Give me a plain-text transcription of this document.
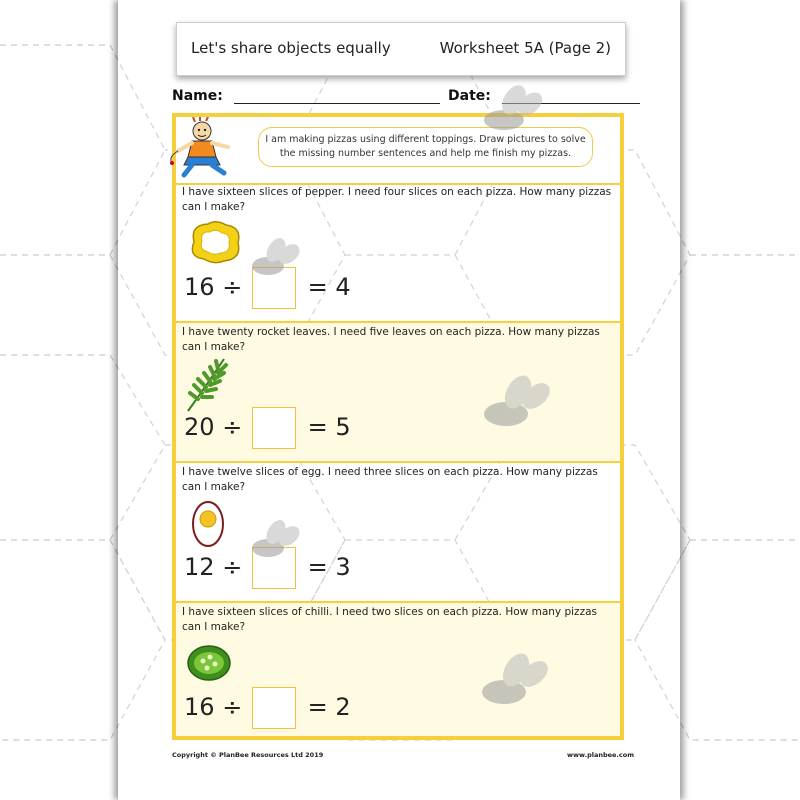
Let's share objects equally	Worksheet 5A (Page 2)
Name:	Date:
I am making pizzas using different toppings. Draw pictures to solve the missing number sentences and help me finish my pizzas.
I have sixteen slices of pepper. I need four slices on each pizza. How many pizzas can I make?
16 ÷	= 4
I have twenty rocket leaves. I need five leaves on each pizza. How many pizzas can I make?
20 ÷	= 5
I have twelve slices of egg. I need three slices on each pizza. How many pizzas can I make?
12 ÷	= 3
I have sixteen slices of chilli. I need two slices on each pizza. How many pizzas can I make?
16 ÷	= 2
Copyright © PlanBee Resources Ltd 2019	www.planbee.com
